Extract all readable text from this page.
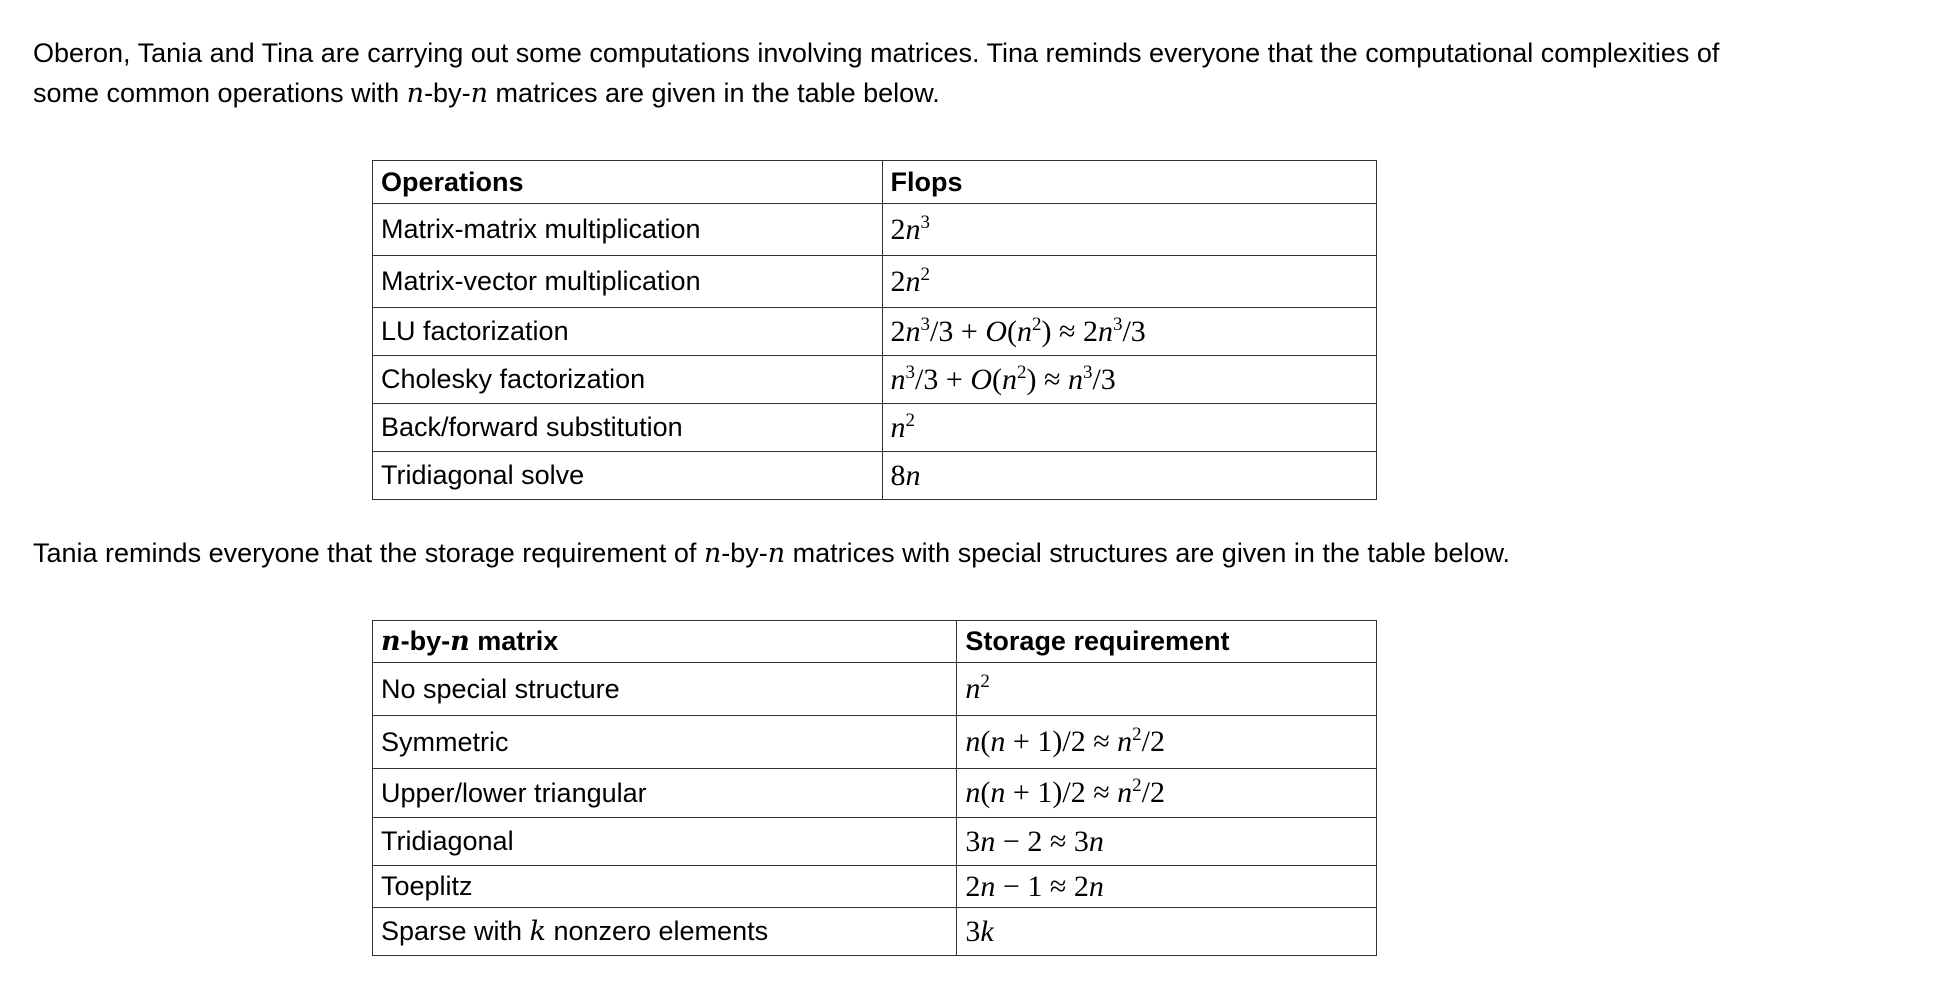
Oberon, Tania and Tina are carrying out some computations involving matrices. Tina reminds everyone that the computational complexities of some common operations with n-by-n matrices are given in the table below.

Operations	Flops
Matrix-matrix multiplication	$2n^3$
Matrix-vector multiplication	$2n^2$
LU factorization	$2n^3/3 + O(n^2) \approx 2n^3/3$
Cholesky factorization	$n^3/3 + O(n^2) \approx n^3/3$
Back/forward substitution	$n^2$
Tridiagonal solve	8n

Tania reminds everyone that the storage requirement of n-by-n matrices with special structures are given in the table below.

n-by-n matrix	Storage requirement
No special structure	$n^2$
Symmetric	$n(n + 1)/2 \approx n^2/2$
Upper/lower triangular	$n(n + 1)/2 \approx n^2/2$
Tridiagonal	3n − 2 ≈ 3n
Toeplitz	2n − 1 ≈ 2n
Sparse with k nonzero elements	3k
